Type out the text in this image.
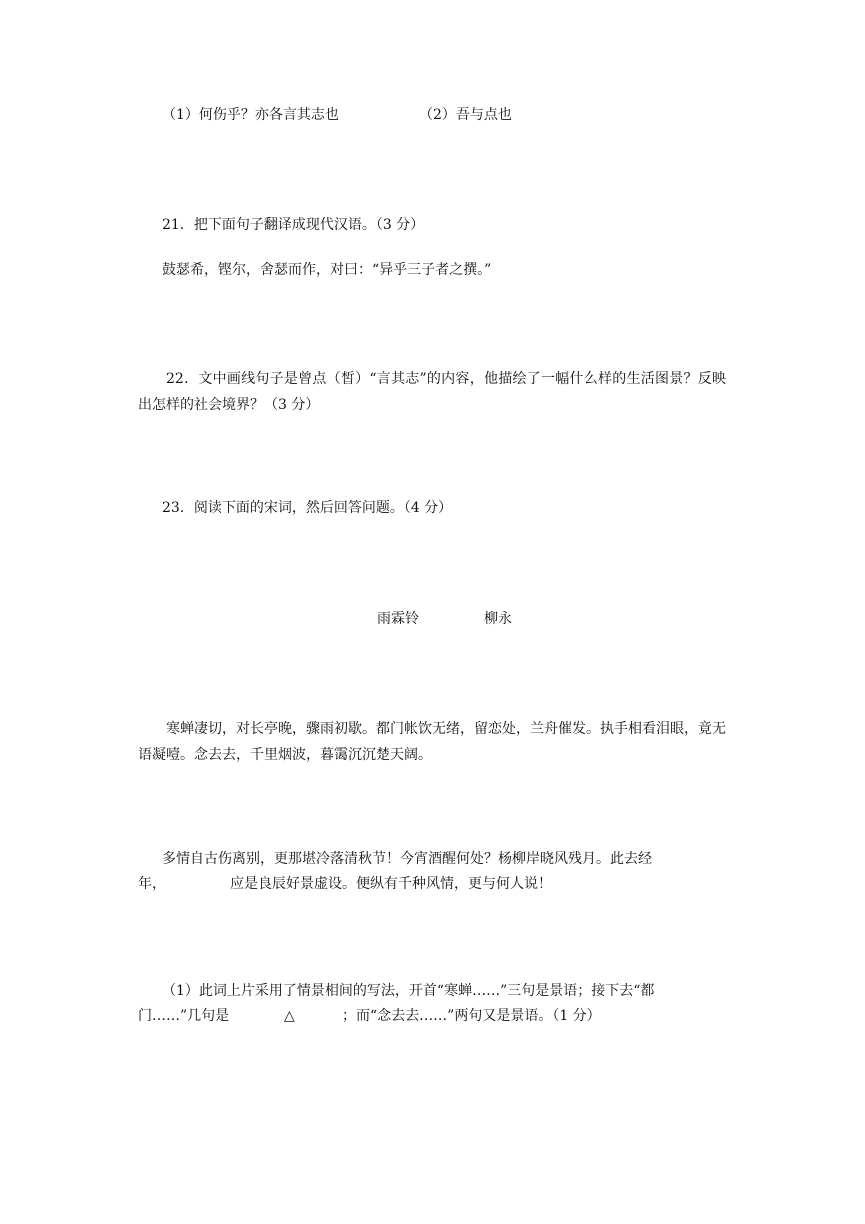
（1）何伤乎？亦各言其志也	（2）吾与点也
21．把下面句子翻译成现代汉语。（3 分）
鼓瑟希，铿尔，舍瑟而作，对曰：“异乎三子者之撰。”
22．文中画线句子是曾点（皙）“言其志”的内容，他描绘了一幅什么样的生活图景？反映出怎样的社会境界？（3 分）
23．阅读下面的宋词，然后回答问题。（4 分）
雨霖铃	柳永
寒蝉凄切，对长亭晚，骤雨初歇。都门帐饮无绪，留恋处，兰舟催发。执手相看泪眼，竟无语凝噎。念去去，千里烟波，暮霭沉沉楚天阔。
多情自古伤离别，更那堪冷落清秋节！今宵酒醒何处？杨柳岸晓风残月。此去经
年，	应是良辰好景虚设。便纵有千种风情，更与何人说！
（1）此词上片采用了情景相间的写法，开首“寒蝉……”三句是景语；接下去“都
门……”几句是	△	；而“念去去……”两句又是景语。（1 分）
